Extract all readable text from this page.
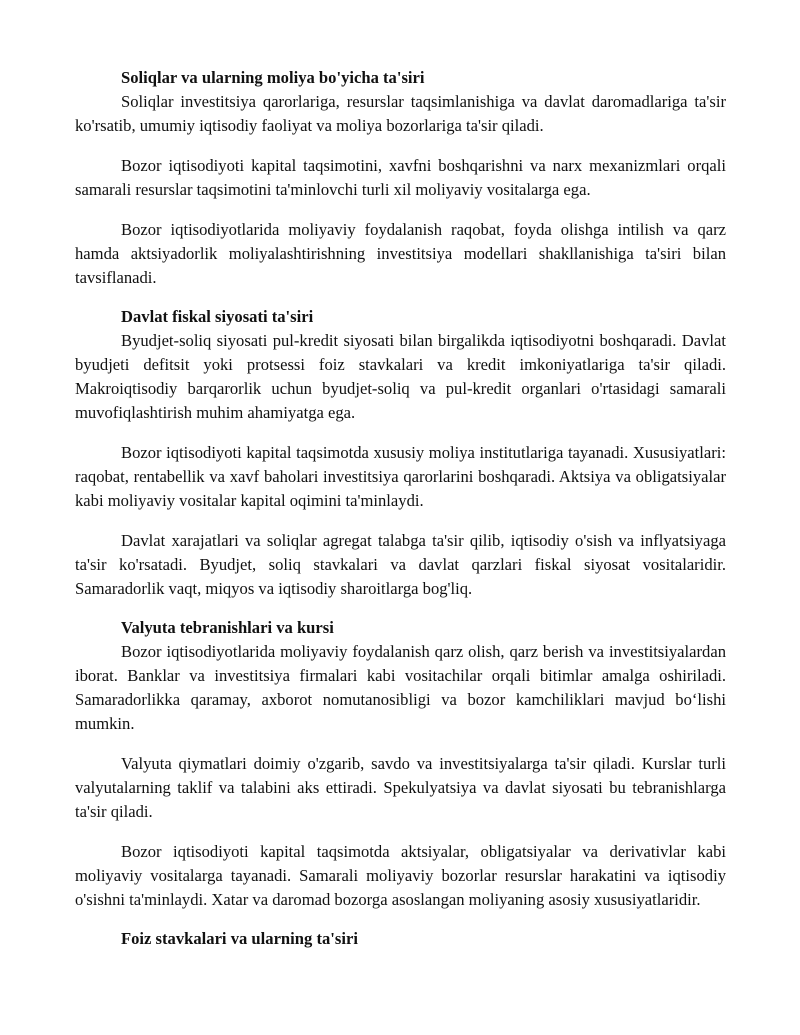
Soliqlar va ularning moliya bo'yicha ta'siri

Soliqlar investitsiya qarorlariga, resurslar taqsimlanishiga va davlat daromadlariga ta'sir ko'rsatib, umumiy iqtisodiy faoliyat va moliya bozorlariga ta'sir qiladi.

Bozor iqtisodiyoti kapital taqsimotini, xavfni boshqarishni va narx mexanizmlari orqali samarali resurslar taqsimotini ta'minlovchi turli xil moliyaviy vositalarga ega.

Bozor iqtisodiyotlarida moliyaviy foydalanish raqobat, foyda olishga intilish va qarz hamda aktsiyadorlik moliyalashtirishning investitsiya modellari shakllanishiga ta'siri bilan tavsiflanadi.

Davlat fiskal siyosati ta'siri

Byudjet-soliq siyosati pul-kredit siyosati bilan birgalikda iqtisodiyotni boshqaradi. Davlat byudjeti defitsit yoki protsessi foiz stavkalari va kredit imkoniyatlariga ta'sir qiladi. Makroiqtisodiy barqarorlik uchun byudjet-soliq va pul-kredit organlari o'rtasidagi samarali muvofiqlashtirish muhim ahamiyatga ega.

Bozor iqtisodiyoti kapital taqsimotda xususiy moliya institutlariga tayanadi. Xususiyatlari: raqobat, rentabellik va xavf baholari investitsiya qarorlarini boshqaradi. Aktsiya va obligatsiyalar kabi moliyaviy vositalar kapital oqimini ta'minlaydi.

Davlat xarajatlari va soliqlar agregat talabga ta'sir qilib, iqtisodiy o'sish va inflyatsiyaga ta'sir ko'rsatadi. Byudjet, soliq stavkalari va davlat qarzlari fiskal siyosat vositalaridir. Samaradorlik vaqt, miqyos va iqtisodiy sharoitlarga bog'liq.

Valyuta tebranishlari va kursi

Bozor iqtisodiyotlarida moliyaviy foydalanish qarz olish, qarz berish va investitsiyalardan iborat. Banklar va investitsiya firmalari kabi vositachilar orqali bitimlar amalga oshiriladi. Samaradorlikka qaramay, axborot nomutanosibligi va bozor kamchiliklari mavjud bo‘lishi mumkin.

Valyuta qiymatlari doimiy o'zgarib, savdo va investitsiyalarga ta'sir qiladi. Kurslar turli valyutalarning taklif va talabini aks ettiradi. Spekulyatsiya va davlat siyosati bu tebranishlarga ta'sir qiladi.

Bozor iqtisodiyoti kapital taqsimotda aktsiyalar, obligatsiyalar va derivativlar kabi moliyaviy vositalarga tayanadi. Samarali moliyaviy bozorlar resurslar harakatini va iqtisodiy o'sishni ta'minlaydi. Xatar va daromad bozorga asoslangan moliyaning asosiy xususiyatlaridir.

Foiz stavkalari va ularning ta'siri
